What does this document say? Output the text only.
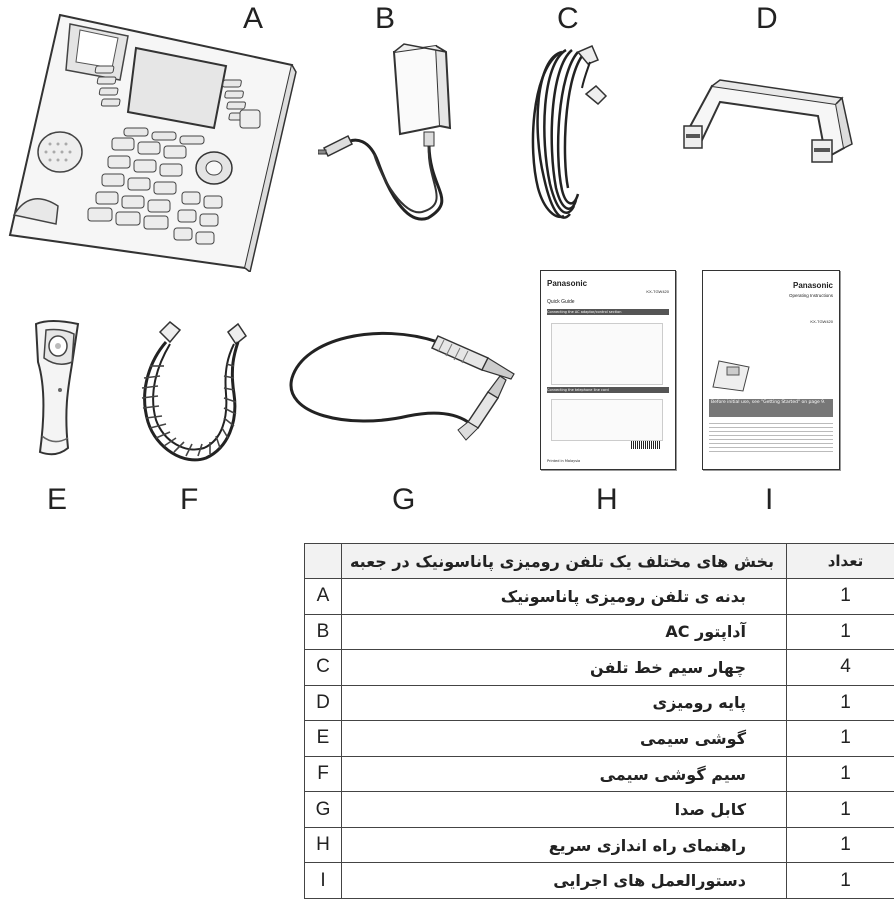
A	B	C	D
E	F	G	H	I
Panasonic
KX-TGW420
Quick Guide
Connecting the AC adaptor/control section
Connecting the telephone line cord
Printed in Malaysia
Panasonic
Operating Instructions
KX-TGW420
Before initial use, see "Getting Started" on page 9.
	بخش های مختلف یک تلفن رومیزی پاناسونیک در جعبه	تعداد
A	بدنه ی تلفن رومیزی پاناسونیک	1
B	آداپتور AC	1
C	چهار سیم خط تلفن	4
D	پایه رومیزی	1
E	گوشی سیمی	1
F	سیم گوشی سیمی	1
G	کابل صدا	1
H	راهنمای راه اندازی سریع	1
I	دستورالعمل های اجرایی	1
